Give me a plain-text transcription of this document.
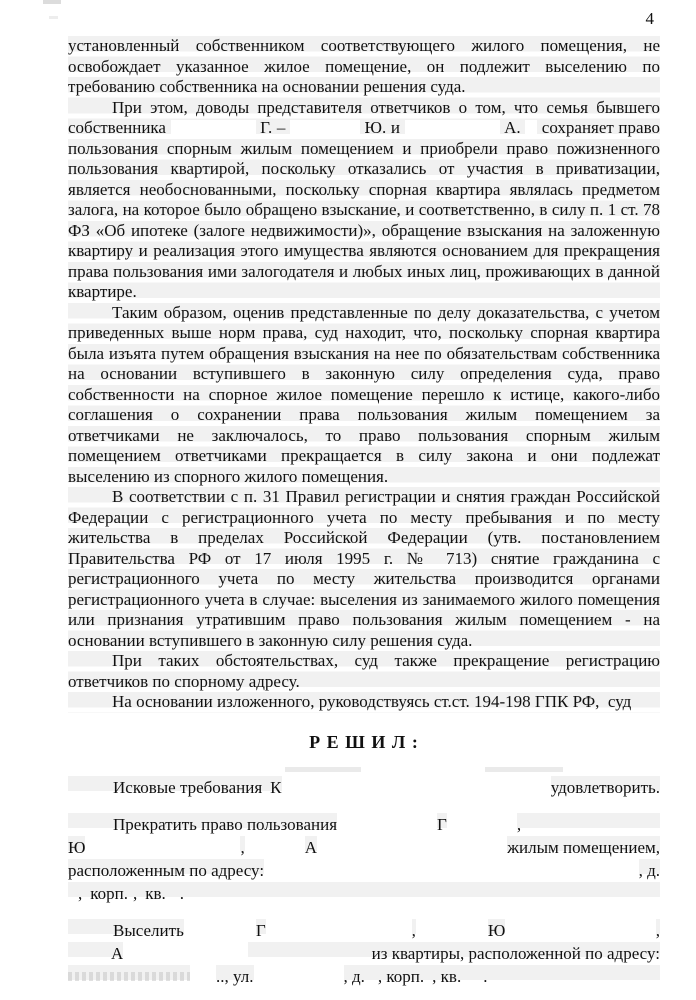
4

установленный собственником соответствующего жилого помещения, не освобождает указанное жилое помещение, он подлежит выселению по требованию собственника на основании решения суда.

При этом, доводы представителя ответчиков о том, что семья бывшего собственника	Г. –	Ю. и	А. сохраняет право пользования спорным жилым помещением и приобрели право пожизненного пользования квартирой, поскольку отказались от участия в приватизации, является необоснованными, поскольку спорная квартира являлась предметом залога, на которое было обращено взыскание, и соответственно, в силу п. 1 ст. 78 ФЗ «Об ипотеке (залоге недвижимости)», обращение взыскания на заложенную квартиру и реализация этого имущества являются основанием для прекращения права пользования ими залогодателя и любых иных лиц, проживающих в данной квартире.

Таким образом, оценив представленные по делу доказательства, с учетом приведенных выше норм права, суд находит, что, поскольку спорная квартира была изъята путем обращения взыскания на нее по обязательствам собственника на основании вступившего в законную силу определения суда, право собственности на спорное жилое помещение перешло к истице, какого-либо соглашения о сохранении права пользования жилым помещением за ответчиками не заключалось, то право пользования спорным жилым помещением ответчиками прекращается в силу закона и они подлежат выселению из спорного жилого помещения.

В соответствии с п. 31 Правил регистрации и снятия граждан Российской Федерации с регистрационного учета по месту пребывания и по месту жительства в пределах Российской Федерации (утв. постановлением Правительства РФ от 17 июля 1995 г. № 713) снятие гражданина с регистрационного учета по месту жительства производится органами регистрационного учета в случае: выселения из занимаемого жилого помещения или признания утратившим право пользования жилым помещением - на основании вступившего в законную силу решения суда.

При таких обстоятельствах, суд также прекращение регистрацию ответчиков по спорному адресу.

На основании изложенного, руководствуясь ст.ст. 194-198 ГПК РФ,  суд

Р Е Ш И Л :
Исковые требования К	удовлетворить.
Прекратить право пользования	Г	,
Ю	,	А	жилым помещением,
расположенным по адресу:	, д.
, корп. , кв. .
Выселить	Г	,	Ю	,
А	из квартиры, расположенной по адресу:
.., ул.	, д. , корп. , кв. .
